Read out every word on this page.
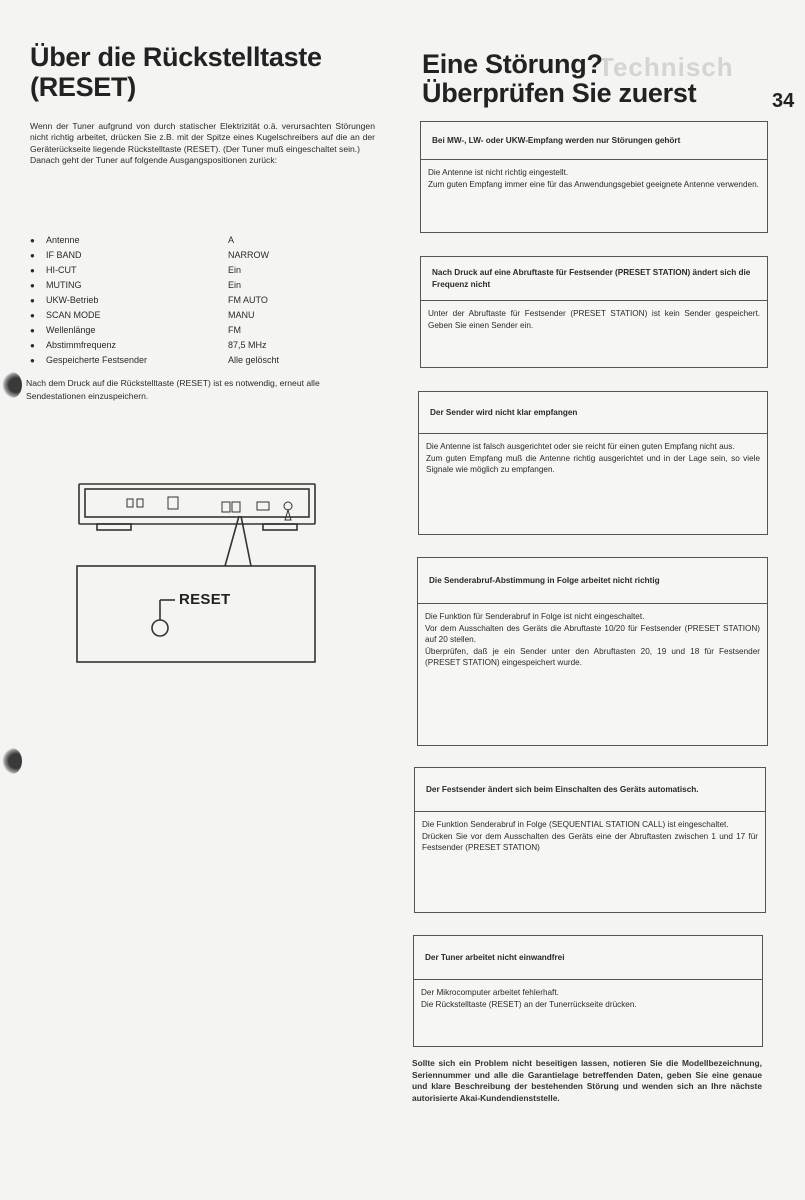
Technisch
Über die Rückstelltaste
(RESET)

Wenn der Tuner aufgrund von durch statischer Elektrizität o.ä. verursachten Störungen nicht richtig arbeitet, drücken Sie z.B. mit der Spitze eines Kugelschreibers auf die an der Geräterückseite liegende Rückstelltaste (RESET). (Der Tuner muß eingeschaltet sein.)

Danach geht der Tuner auf folgende Ausgangspositionen zurück:

●	Antenne	A
●	IF BAND	NARROW
●	HI-CUT	Ein
●	MUTING	Ein
●	UKW-Betrieb	FM AUTO
●	SCAN MODE	MANU
●	Wellenlänge	FM
●	Abstimmfrequenz	87,5 MHz
●	Gespeicherte Festsender	Alle gelöscht
Nach dem Druck auf die Rückstelltaste (RESET) ist es notwendig, erneut alle Sendestationen einzuspeichern.
RESET
Eine Störung?
Überprüfen Sie zuerst	34
Bei MW-, LW- oder UKW-Empfang werden nur Störungen gehört

Die Antenne ist nicht richtig eingestellt.

Zum guten Empfang immer eine für das Anwendungsgebiet geeignete Antenne verwenden.

Nach Druck auf eine Abruftaste für Festsender (PRESET STATION) ändert sich die Frequenz nicht

Unter der Abruftaste für Festsender (PRESET STATION) ist kein Sender gespeichert. Geben Sie einen Sender ein.

Der Sender wird nicht klar empfangen

Die Antenne ist falsch ausgerichtet oder sie reicht für einen guten Empfang nicht aus.

Zum guten Empfang muß die Antenne richtig ausgerichtet und in der Lage sein, so viele Signale wie möglich zu empfangen.

Die Senderabruf-Abstimmung in Folge arbeitet nicht richtig

Die Funktion für Senderabruf in Folge ist nicht eingeschaltet.

Vor dem Ausschalten des Geräts die Abruftaste 10/20 für Festsender (PRESET STATION) auf 20 stellen.

Überprüfen, daß je ein Sender unter den Abruftasten 20, 19 und 18 für Festsender (PRESET STATION) eingespeichert wurde.

Der Festsender ändert sich beim Einschalten des Geräts automatisch.

Die Funktion Senderabruf in Folge (SEQUENTIAL STATION CALL) ist eingeschaltet.

Drücken Sie vor dem Ausschalten des Geräts eine der Abruftasten zwischen 1 und 17 für Festsender (PRESET STATION)

Der Tuner arbeitet nicht einwandfrei

Der Mikrocomputer arbeitet fehlerhaft.

Die Rückstelltaste (RESET) an der Tunerrückseite drücken.

Sollte sich ein Problem nicht beseitigen lassen, notieren Sie die Modellbezeichnung, Seriennummer und alle die Garantielage betreffenden Daten, geben Sie eine genaue und klare Beschreibung der bestehenden Störung und wenden sich an Ihre nächste autorisierte Akai-Kundendienststelle.
